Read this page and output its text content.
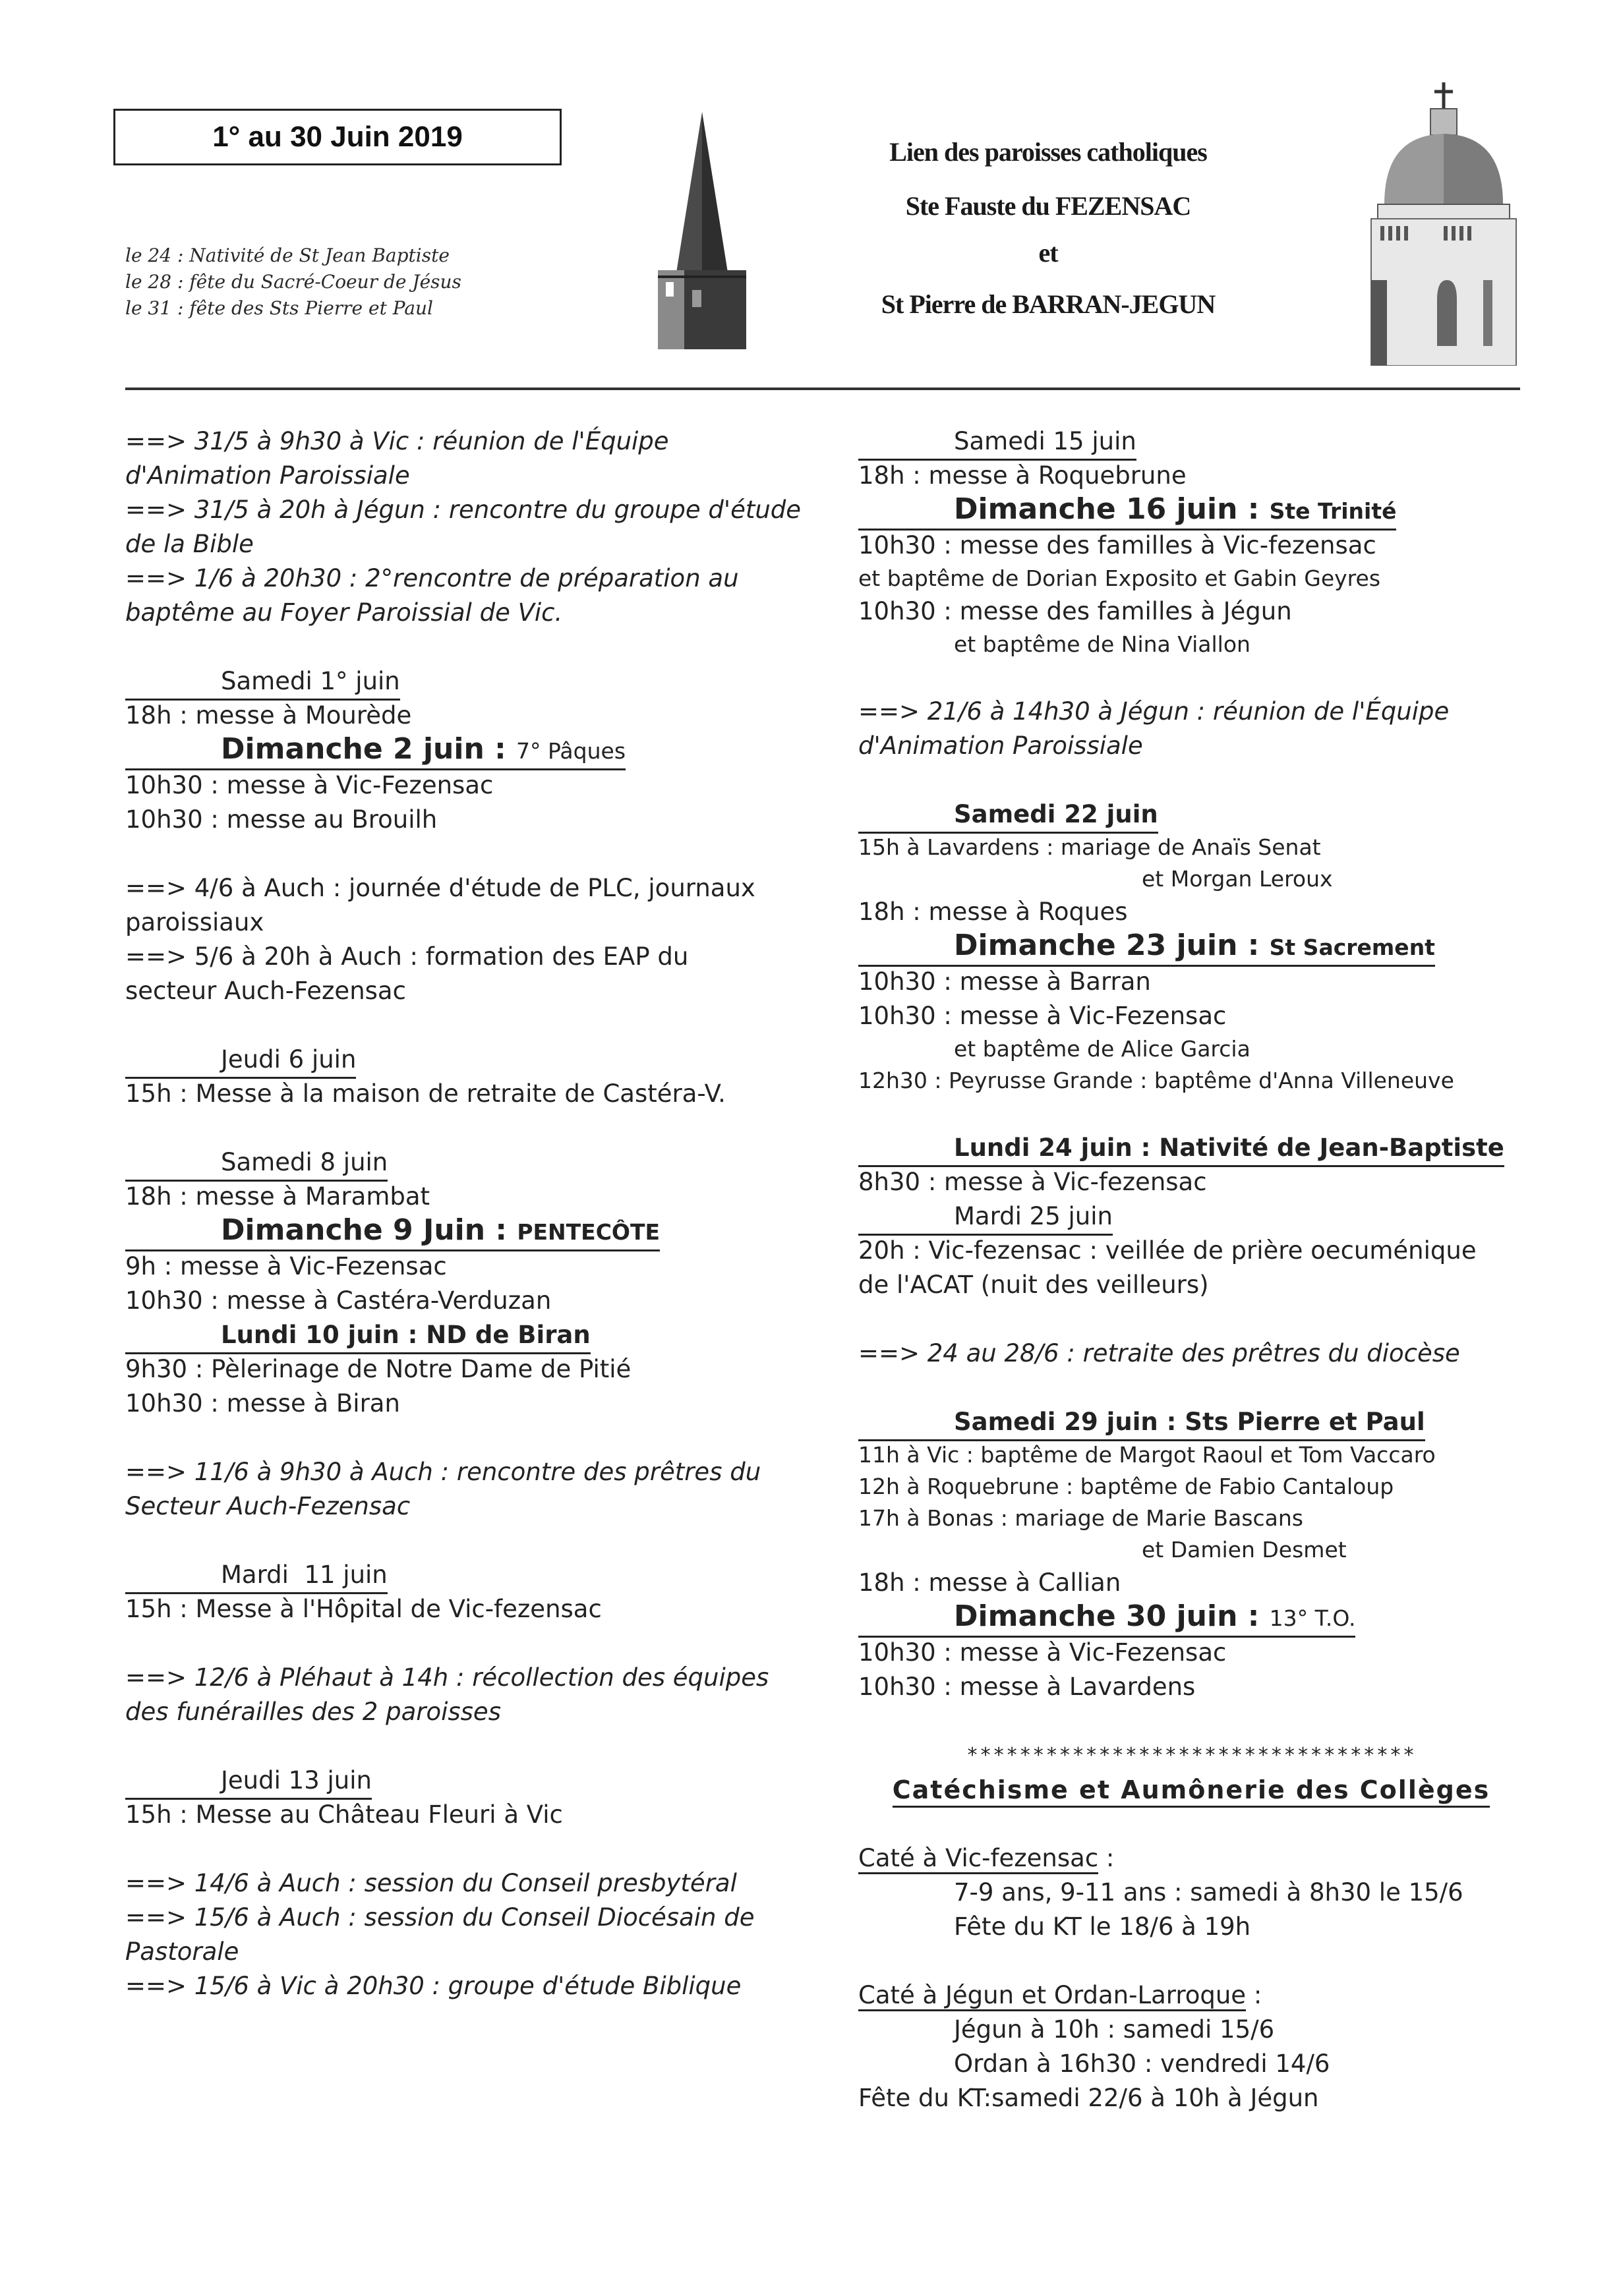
1° au 30 Juin 2019
le 24 : Nativité de St Jean Baptiste
le 28 : fête du Sacré-Coeur de Jésus
le 31 : fête des Sts Pierre et Paul
Lien des paroisses catholiques
Ste Fauste du FEZENSAC
et
St Pierre de BARRAN-JEGUN
==> 31/5 à 9h30 à Vic : réunion de l'Équipe
d'Animation Paroissiale
==> 31/5 à 20h à Jégun : rencontre du groupe d'étude
de la Bible
==> 1/6 à 20h30 : 2°rencontre de préparation au
baptême au Foyer Paroissial de Vic.
Samedi 1° juin
18h : messe à Mourède
Dimanche 2 juin : 7° Pâques
10h30 : messe à Vic-Fezensac
10h30 : messe au Brouilh
==> 4/6 à Auch : journée d'étude de PLC, journaux
paroissiaux
==> 5/6 à 20h à Auch : formation des EAP du
secteur Auch-Fezensac
Jeudi 6 juin
15h : Messe à la maison de retraite de Castéra-V.
Samedi 8 juin
18h : messe à Marambat
Dimanche 9 Juin : PENTECÔTE
9h : messe à Vic-Fezensac
10h30 : messe à Castéra-Verduzan
Lundi 10 juin : ND de Biran
9h30 : Pèlerinage de Notre Dame de Pitié
10h30 : messe à Biran
==> 11/6 à 9h30 à Auch : rencontre des prêtres du
Secteur Auch-Fezensac
Mardi  11 juin
15h : Messe à l'Hôpital de Vic-fezensac
==> 12/6 à Pléhaut à 14h : récollection des équipes
des funérailles des 2 paroisses
Jeudi 13 juin
15h : Messe au Château Fleuri à Vic
==> 14/6 à Auch : session du Conseil presbytéral
==> 15/6 à Auch : session du Conseil Diocésain de
Pastorale
==> 15/6 à Vic à 20h30 : groupe d'étude Biblique
Samedi 15 juin
18h : messe à Roquebrune
Dimanche 16 juin : Ste Trinité
10h30 : messe des familles à Vic-fezensac
et baptême de Dorian Exposito et Gabin Geyres
10h30 : messe des familles à Jégun
et baptême de Nina Viallon
==> 21/6 à 14h30 à Jégun : réunion de l'Équipe
d'Animation Paroissiale
Samedi 22 juin
15h à Lavardens : mariage de Anaïs Senat
et Morgan Leroux
18h : messe à Roques
Dimanche 23 juin : St Sacrement
10h30 : messe à Barran
10h30 : messe à Vic-Fezensac
et baptême de Alice Garcia
12h30 : Peyrusse Grande : baptême d'Anna Villeneuve
Lundi 24 juin : Nativité de Jean-Baptiste
8h30 : messe à Vic-fezensac
Mardi 25 juin
20h : Vic-fezensac : veillée de prière oecuménique
de l'ACAT (nuit des veilleurs)
==> 24 au 28/6 : retraite des prêtres du diocèse
Samedi 29 juin : Sts Pierre et Paul
11h à Vic : baptême de Margot Raoul et Tom Vaccaro
12h à Roquebrune : baptême de Fabio Cantaloup
17h à Bonas : mariage de Marie Bascans
et Damien Desmet
18h : messe à Callian
Dimanche 30 juin : 13° T.O.
10h30 : messe à Vic-Fezensac
10h30 : messe à Lavardens
**********************************
Catéchisme et Aumônerie des Collèges
Caté à Vic-fezensac :
7-9 ans, 9-11 ans : samedi à 8h30 le 15/6
Fête du KT le 18/6 à 19h
Caté à Jégun et Ordan-Larroque :
Jégun à 10h : samedi 15/6
Ordan à 16h30 : vendredi 14/6
Fête du KT:samedi 22/6 à 10h à Jégun
